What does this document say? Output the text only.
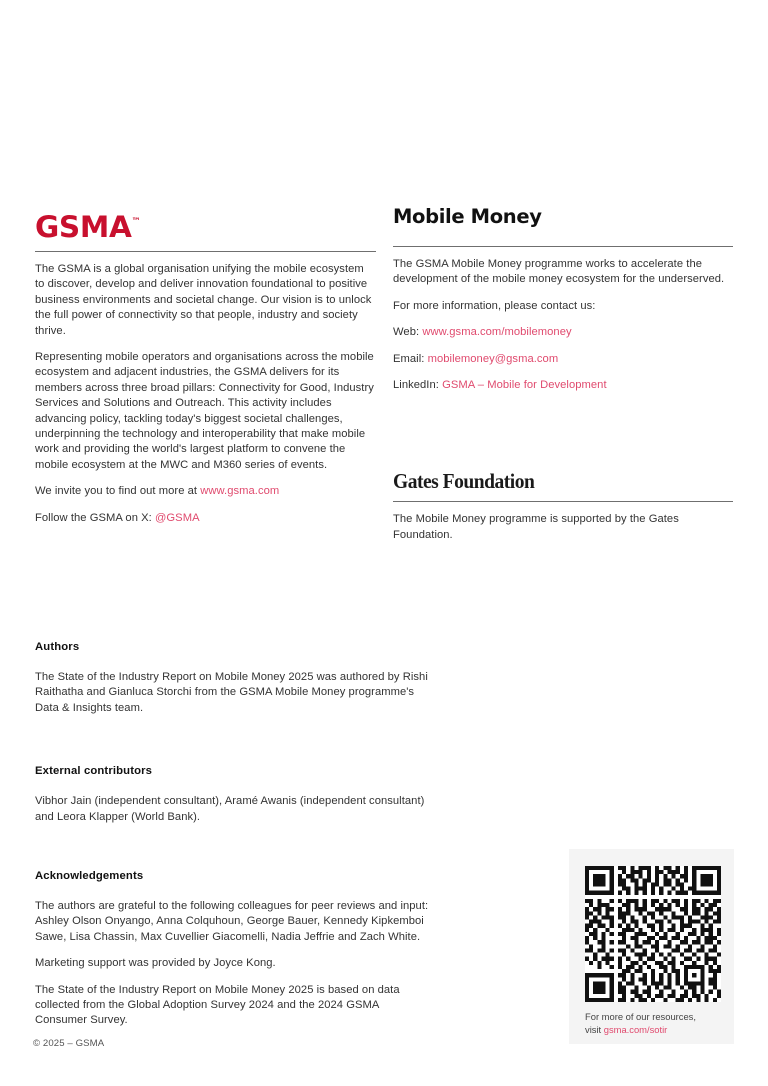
GSMA™

The GSMA is a global organisation unifying the mobile ecosystem to discover, develop and deliver innovation foundational to positive business environments and societal change. Our vision is to unlock the full power of connectivity so that people, industry and society thrive.

Representing mobile operators and organisations across the mobile ecosystem and adjacent industries, the GSMA delivers for its members across three broad pillars: Connectivity for Good, Industry Services and Solutions and Outreach. This activity includes advancing policy, tackling today's biggest societal challenges, underpinning the technology and interoperability that make mobile work and providing the world's largest platform to convene the mobile ecosystem at the MWC and M360 series of events.

We invite you to find out more at www.gsma.com

Follow the GSMA on X: @GSMA

Mobile Money

The GSMA Mobile Money programme works to accelerate the development of the mobile money ecosystem for the underserved.

For more information, please contact us:

Web: www.gsma.com/mobilemoney

Email: mobilemoney@gsma.com

LinkedIn: GSMA – Mobile for Development

Gates Foundation

The Mobile Money programme is supported by the Gates Foundation.

Authors

The State of the Industry Report on Mobile Money 2025 was authored by Rishi Raithatha and Gianluca Storchi from the GSMA Mobile Money programme's Data & Insights team.

External contributors

Vibhor Jain (independent consultant), Aramé Awanis (independent consultant) and Leora Klapper (World Bank).

Acknowledgements

The authors are grateful to the following colleagues for peer reviews and input: Ashley Olson Onyango, Anna Colquhoun, George Bauer, Kennedy Kipkemboi Sawe, Lisa Chassin, Max Cuvellier Giacomelli, Nadia Jeffrie and Zach White.

Marketing support was provided by Joyce Kong.

The State of the Industry Report on Mobile Money 2025 is based on data collected from the Global Adoption Survey 2024 and the 2024 GSMA Consumer Survey.	For more of our resources,
visit gsma.com/sotir
© 2025 – GSMA
